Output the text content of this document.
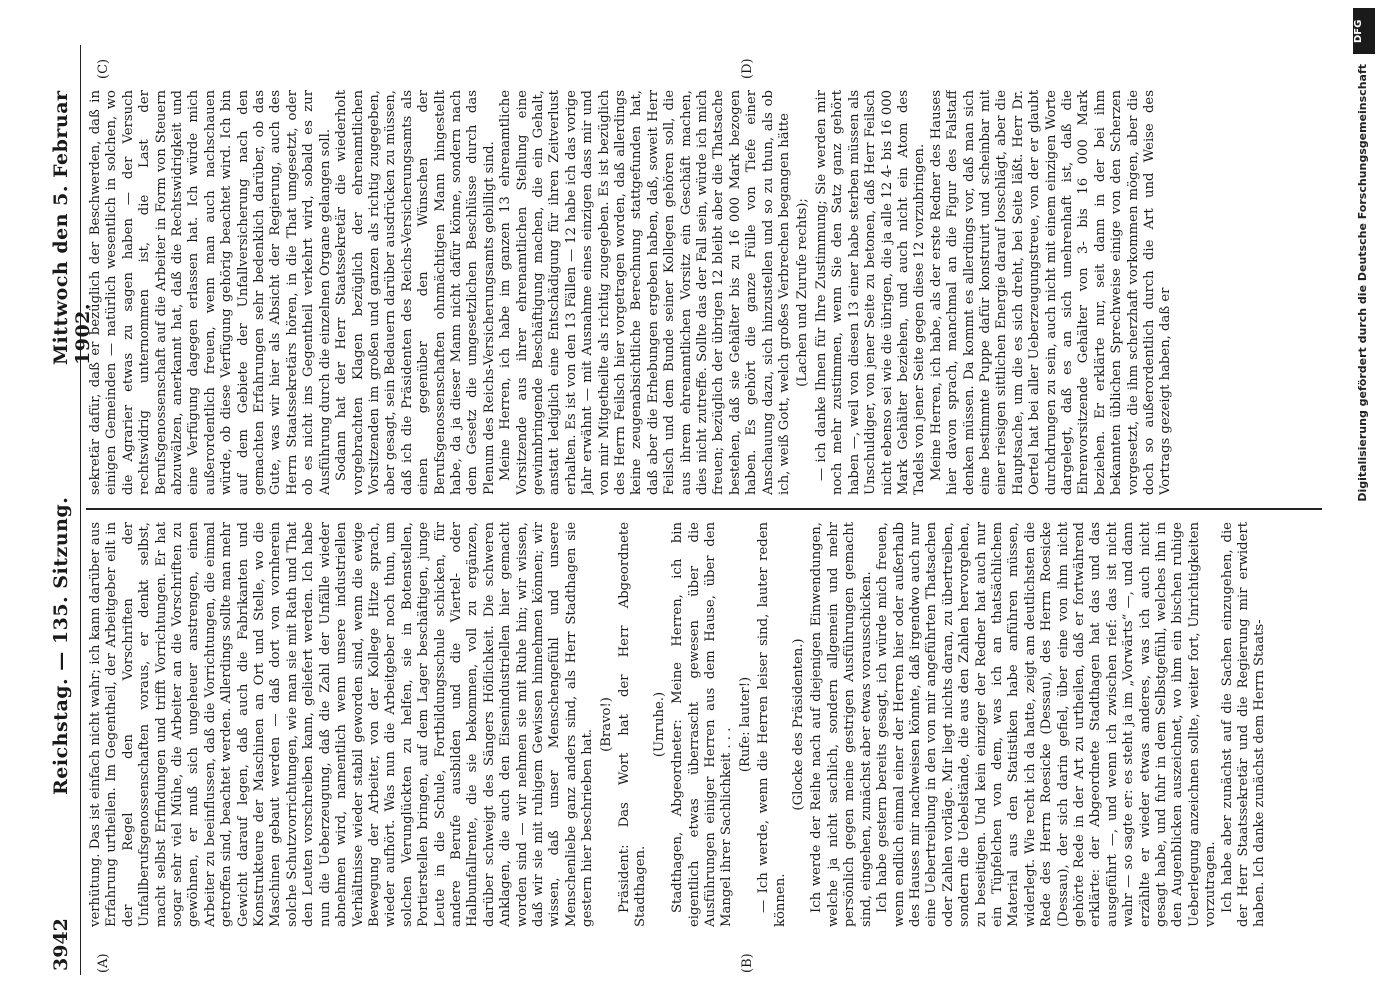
3942
Reichstag. — 135. Sitzung.
Mittwoch den 5. Februar 1902.
(A)	(B)
(C)	(D)

verhütung. Das ist einfach nicht wahr; ich kann darüber aus Erfahrung urtheilen. Im Gegentheil, der Arbeitgeber eilt in der Regel den Vorschriften der Unfallberufsgenossenschaften voraus, er denkt selbst, macht selbst Erfindungen und trifft Vorrichtungen. Er hat sogar sehr viel Mühe, die Arbeiter an die Vorschriften zu gewöhnen, er muß sich ungeheuer anstrengen, einen Arbeiter zu beeinflussen, daß die Vorrichtungen, die einmal getroffen sind, beachtet werden. Allerdings sollte man mehr Gewicht darauf legen, daß auch die Fabrikanten und Konstrukteure der Maschinen an Ort und Stelle, wo die Maschinen gebaut werden — daß dort von vornherein solche Schutzvorrichtungen, wie man sie mit Rath und That den Leuten vorschreiben kann, geliefert werden. Ich habe nun die Ueberzeugung, daß die Zahl der Unfälle wieder abnehmen wird, namentlich wenn unsere industriellen Verhältnisse wieder stabil geworden sind, wenn die ewige Bewegung der Arbeiter, von der Kollege Hitze sprach, wieder aufhört. Was nun die Arbeitgeber noch thun, um solchen Verunglückten zu helfen, sie in Botenstellen, Portierstellen bringen, auf dem Lager beschäftigen, junge Leute in die Schule, Fortbildungsschule schicken, für andere Berufe ausbilden und die Viertel- oder Halbunfallrente, die sie bekommen, voll zu ergänzen, darüber schweigt des Sängers Höflichkeit. Die schweren Anklagen, die auch den Eisenindustriellen hier gemacht worden sind — wir nehmen sie mit Ruhe hin; wir wissen, daß wir sie mit ruhigem Gewissen hinnehmen können; wir wissen, daß unser Menschengefühl und unsere Menschenliebe ganz anders sind, als Herr Stadthagen sie gestern hier beschrieben hat.

(Bravo!) Präsident: Das Wort hat der Herr Abgeordnete Stadthagen.

(Unruhe.) Stadthagen, Abgeordneter: Meine Herren, ich bin eigentlich etwas überrascht gewesen über die Ausführungen einiger Herren aus dem Hause, über den Mangel ihrer Sachlichkeit . . .

(Rufe: lauter!) — Ich werde, wenn die Herren leiser sind, lauter reden können.

(Glocke des Präsidenten.) Ich werde der Reihe nach auf diejenigen Einwendungen, welche ja nicht sachlich, sondern allgemein und mehr persönlich gegen meine gestrigen Ausführungen gemacht sind, eingehen, zunächst aber etwas vorausschicken. Ich habe gestern bereits gesagt, ich würde mich freuen, wenn endlich einmal einer der Herren hier oder außerhalb des Hauses mir nachweisen könnte, daß irgendwo auch nur eine Uebertreibung in den von mir angeführten Thatsachen oder Zahlen vorläge. Mir liegt nichts daran, zu übertreiben, sondern die Uebelstände, die aus den Zahlen hervorgehen, zu beseitigen. Und kein einziger der Redner hat auch nur ein Tüpfelchen von dem, was ich an thatsächlichem Material aus den Statistiken habe anführen müssen, widerlegt. Wie recht ich da hatte, zeigt am deutlichsten die Rede des Herrn Roesicke (Dessau), des Herrn Roesicke (Dessau), der sich darin gefiel, über eine von ihm nicht gehörte Rede in der Art zu urtheilen, daß er fortwährend erklärte: der Abgeordnete Stadthagen hat das und das ausgeführt —, und wenn ich zwischen rief: das ist nicht wahr — so sagte er: es steht ja im „Vorwärts“ —, und dann erzählte er wieder etwas anderes, was ich auch nicht gesagt habe, und fuhr in dem Selbstgefühl, welches ihn in den Augenblicken auszeichnet, wo ihm ein bischen ruhige Ueberlegung anzeichnen sollte, weiter fort, Unrichtigkeiten vorzutragen. Ich habe aber zunächst auf die Sachen einzugehen, die der Herr Staatssekretär und die Regierung mir erwidert haben. Ich danke zunächst dem Herrn Staats-

sekretär dafür, daß er bezüglich der Beschwerden, daß in einigen Gemeinden — natürlich wesentlich in solchen, wo die Agrarier etwas zu sagen haben — der Versuch rechtswidrig unternommen ist, die Last der Berufsgenossenschaft auf die Arbeiter in Form von Steuern abzuwälzen, anerkannt hat, daß die Rechtswidrigkeit und eine Verfügung dagegen erlassen hat. Ich würde mich außerordentlich freuen, wenn man auch nachschauen würde, ob diese Verfügung gehörig beachtet wird. Ich bin auf dem Gebiete der Unfallversicherung nach den gemachten Erfahrungen sehr bedenklich darüber, ob das Gute, was wir hier als Absicht der Regierung, auch des Herrn Staatssekretärs hören, in die That umgesetzt, oder ob es nicht ins Gegentheil verkehrt wird, sobald es zur Ausführung durch die einzelnen Organe gelangen soll. Sodann hat der Herr Staatssekretär die wiederholt vorgebrachten Klagen bezüglich der ehrenamtlichen Vorsitzenden im großen und ganzen als richtig zugegeben, aber gesagt, sein Bedauern darüber ausdrücken zu müssen, daß ich die Präsidenten des Reichs-Versicherungsamts als einen gegenüber den Wünschen der Berufsgenossenschaften ohnmächtigen Mann hingestellt habe, da ja dieser Mann nicht dafür könne, sondern nach dem Gesetz die umgesetzlichen Beschlüsse durch das Plenum des Reichs-Versicherungsamts gebilligt sind. Meine Herren, ich habe im ganzen 13 ehrenamtliche Vorsitzende aus ihrer ehrenamtlichen Stellung eine gewinnbringende Beschäftigung machen, die ein Gehalt, anstatt lediglich eine Entschädigung für ihren Zeitverlust erhalten. Es ist von den 13 Fällen — 12 habe ich das vorige Jahr erwähnt — mit Ausnahme eines einzigen dass mir und von mir Mitgetheilte als richtig zugegeben. Es ist bezüglich des Herrn Feilsch hier vorgetragen worden, daß allerdings keine zeugenabsichtliche Berechnung stattgefunden hat, daß aber die Erhebungen ergeben haben, daß, soweit Herr Feilsch und dem Bunde seiner Kollegen gehören soll, die aus ihrem ehrenamtlichen Vorsitz ein Geschäft machen, dies nicht zutreffe. Sollte das der Fall sein, würde ich mich freuen; bezüglich der übrigen 12 bleibt aber die Thatsache bestehen, daß sie Gehälter bis zu 16 000 Mark bezogen haben. Es gehört die ganze Fülle von Tiefe einer Anschauung dazu, sich hinzustellen und so zu thun, als ob ich, weiß Gott, welch großes Verbrechen begangen hätte (Lachen und Zurufe rechts); — ich danke Ihnen für Ihre Zustimmung; Sie werden mir noch mehr zustimmen, wenn Sie den Satz ganz gehört haben —, weil von diesen 13 einer habe sterben müssen als Unschuldiger, von jener Seite zu betonen, daß Herr Feilsch nicht ebenso sei wie die übrigen, die ja alle 12 4- bis 16 000 Mark Gehälter beziehen, und auch nicht ein Atom des Tadels von jener Seite gegen diese 12 vorzubringen. Meine Herren, ich habe, als der erste Redner des Hauses hier davon sprach, manchmal an die Figur des Falstaff denken müssen. Da kommt es allerdings vor, daß man sich eine bestimmte Puppe dafür konstruirt und scheinbar mit einer riesigen sittlichen Energie darauf losschlägt, aber die Hauptsache, um die es sich dreht, bei Seite läßt. Herr Dr. Oertel hat bei aller Ueberzeugungstreue, von der er glaubt durchdrungen zu sein, auch nicht mit einem einzigen Worte dargelegt, daß es an sich unehrenhaft ist, daß die Ehrenvorsitzende Gehälter von 3- bis 16 000 Mark beziehen. Er erklärte nur, seit dann in der bei ihm bekannten üblichen Sprechweise einige von den Scherzen vorgesetzt, die ihm scherzhaft vorkommen mögen, aber die doch so außerordentlich durch die Art und Weise des Vortrags gezeigt haben, daß er

DFG
Digitalisierung gefördert durch die Deutsche Forschungsgemeinschaft
